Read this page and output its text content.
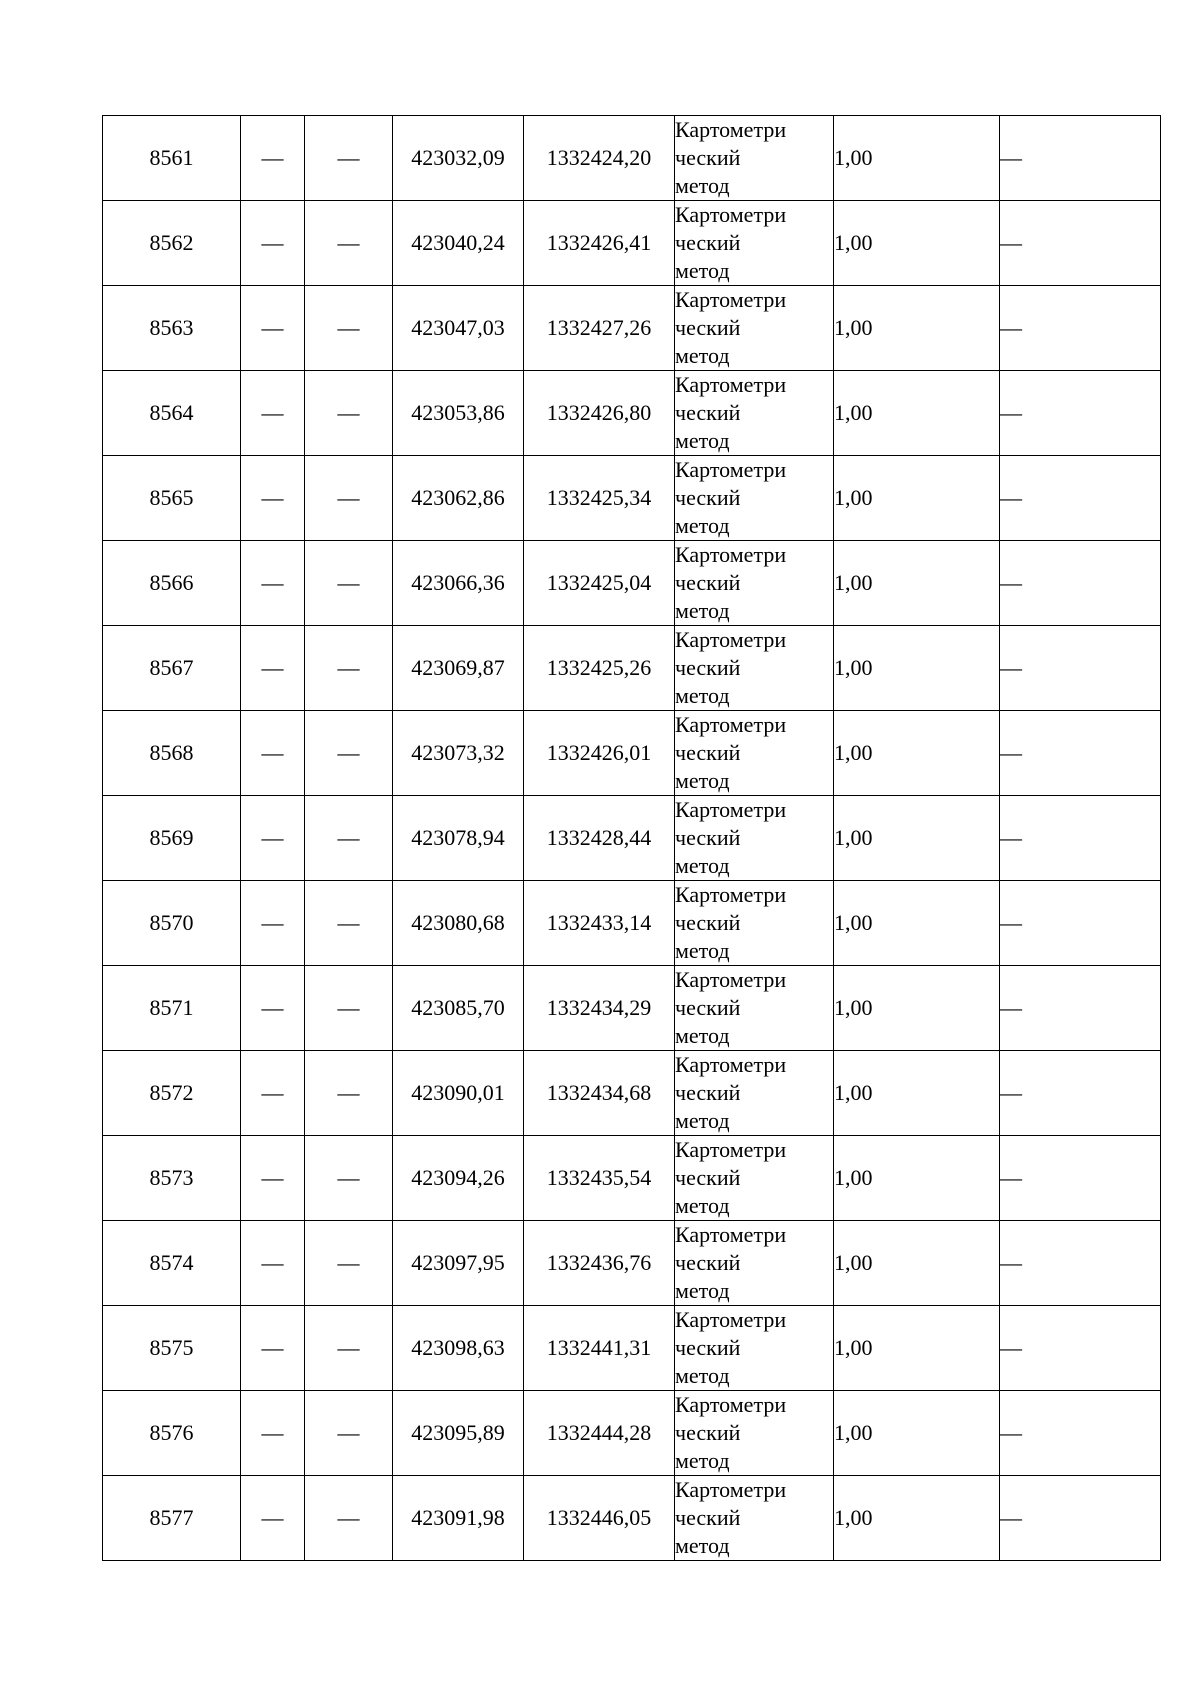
8561	—	—	423032,09	1332424,20	Картометри
ческий
метод	1,00	—
8562	—	—	423040,24	1332426,41	Картометри
ческий
метод	1,00	—
8563	—	—	423047,03	1332427,26	Картометри
ческий
метод	1,00	—
8564	—	—	423053,86	1332426,80	Картометри
ческий
метод	1,00	—
8565	—	—	423062,86	1332425,34	Картометри
ческий
метод	1,00	—
8566	—	—	423066,36	1332425,04	Картометри
ческий
метод	1,00	—
8567	—	—	423069,87	1332425,26	Картометри
ческий
метод	1,00	—
8568	—	—	423073,32	1332426,01	Картометри
ческий
метод	1,00	—
8569	—	—	423078,94	1332428,44	Картометри
ческий
метод	1,00	—
8570	—	—	423080,68	1332433,14	Картометри
ческий
метод	1,00	—
8571	—	—	423085,70	1332434,29	Картометри
ческий
метод	1,00	—
8572	—	—	423090,01	1332434,68	Картометри
ческий
метод	1,00	—
8573	—	—	423094,26	1332435,54	Картометри
ческий
метод	1,00	—
8574	—	—	423097,95	1332436,76	Картометри
ческий
метод	1,00	—
8575	—	—	423098,63	1332441,31	Картометри
ческий
метод	1,00	—
8576	—	—	423095,89	1332444,28	Картометри
ческий
метод	1,00	—
8577	—	—	423091,98	1332446,05	Картометри
ческий
метод	1,00	—
